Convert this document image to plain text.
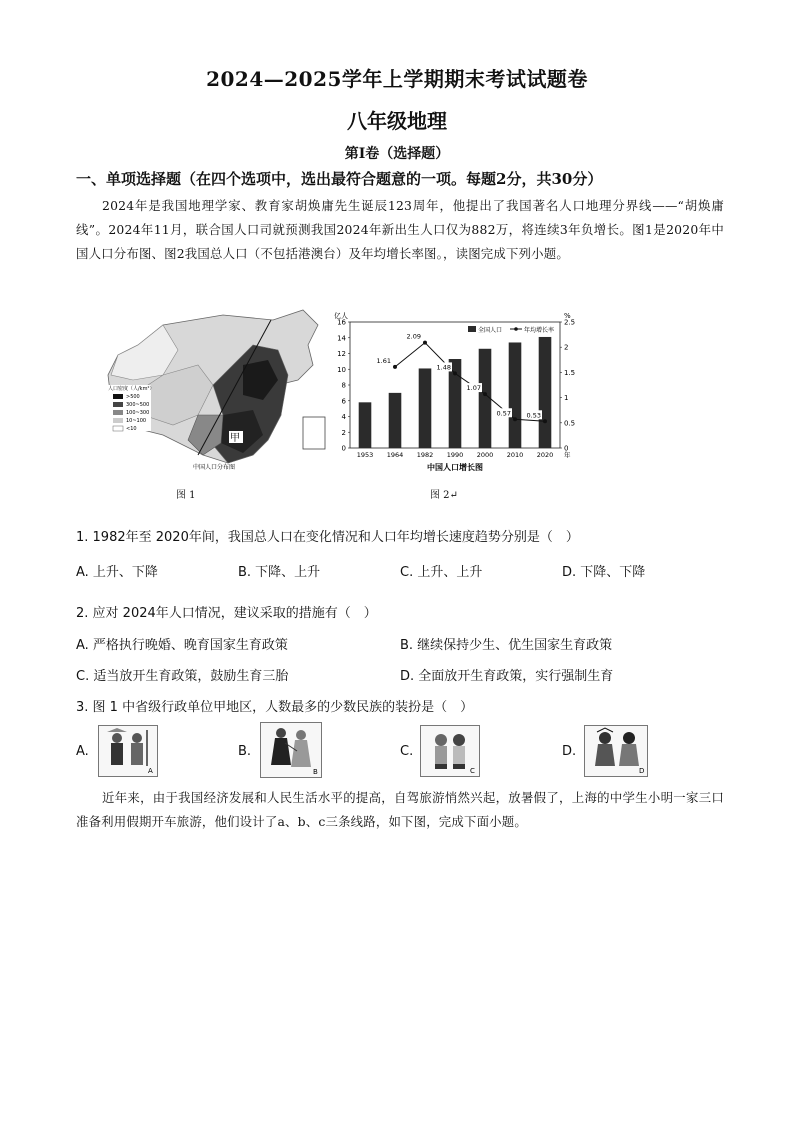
2024—2025学年上学期期末考试试题卷
八年级地理
第I卷（选择题）
一、单项选择题（在四个选项中，选出最符合题意的一项。每题2分，共30分）
2024年是我国地理学家、教育家胡焕庸先生诞辰123周年，他提出了我国著名人口地理分界线——“胡焕庸线”。2024年11月，联合国人口司就预测我国2024年新出生人口仅为882万，将连续3年负增长。图1是2020年中国人口分布图、图2我国总人口（不包括港澳台）及年均增长率图。，读图完成下列小题。
人口密度（人/km²）
>500
300~500
100~300
10~100
<10
甲
中国人口分布图
图 1
0
2
4
6
8
10
12
14
16
0
0.5
1
1.5
2
2.5
亿人	%
1953 1964 1982 1990 2000 2010 2020 年
中国人口增长图
1.61
2.09
1.48
1.07
0.57 0.53
全国人口	年均增长率
图 2↵
1. 1982年至 2020年间，我国总人口在变化情况和人口年均增长速度趋势分别是（　）
A. 上升、下降	B. 下降、上升	C. 上升、上升	D. 下降、下降
2. 应对 2024年人口情况，建议采取的措施有（　）
A. 严格执行晚婚、晚育国家生育政策	B. 继续保持少生、优生国家生育政策
C. 适当放开生育政策，鼓励生育三胎	D. 全面放开生育政策，实行强制生育
3. 图 1 中省级行政单位甲地区，人数最多的少数民族的装扮是（　）
A.
A
B.
B
C.
C
D.
D
近年来，由于我国经济发展和人民生活水平的提高，自驾旅游悄然兴起，放暑假了，上海的中学生小明一家三口准备利用假期开车旅游，他们设计了a、b、c三条线路，如下图，完成下面小题。
